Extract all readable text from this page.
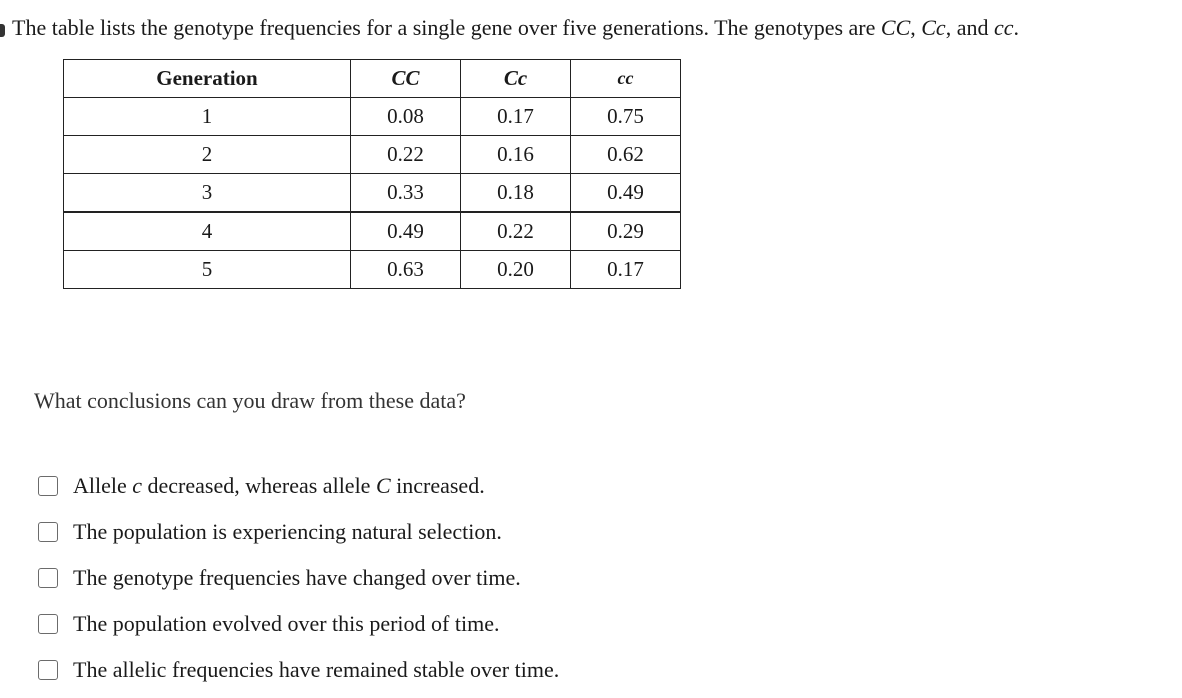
The table lists the genotype frequencies for a single gene over five generations. The genotypes are CC, Cc, and cc.
Generation	CC	Cc	cc
1	0.08	0.17	0.75
2	0.22	0.16	0.62
3	0.33	0.18	0.49
4	0.49	0.22	0.29
5	0.63	0.20	0.17
What conclusions can you draw from these data?
Allele c decreased, whereas allele C increased.
The population is experiencing natural selection.
The genotype frequencies have changed over time.
The population evolved over this period of time.
The allelic frequencies have remained stable over time.
